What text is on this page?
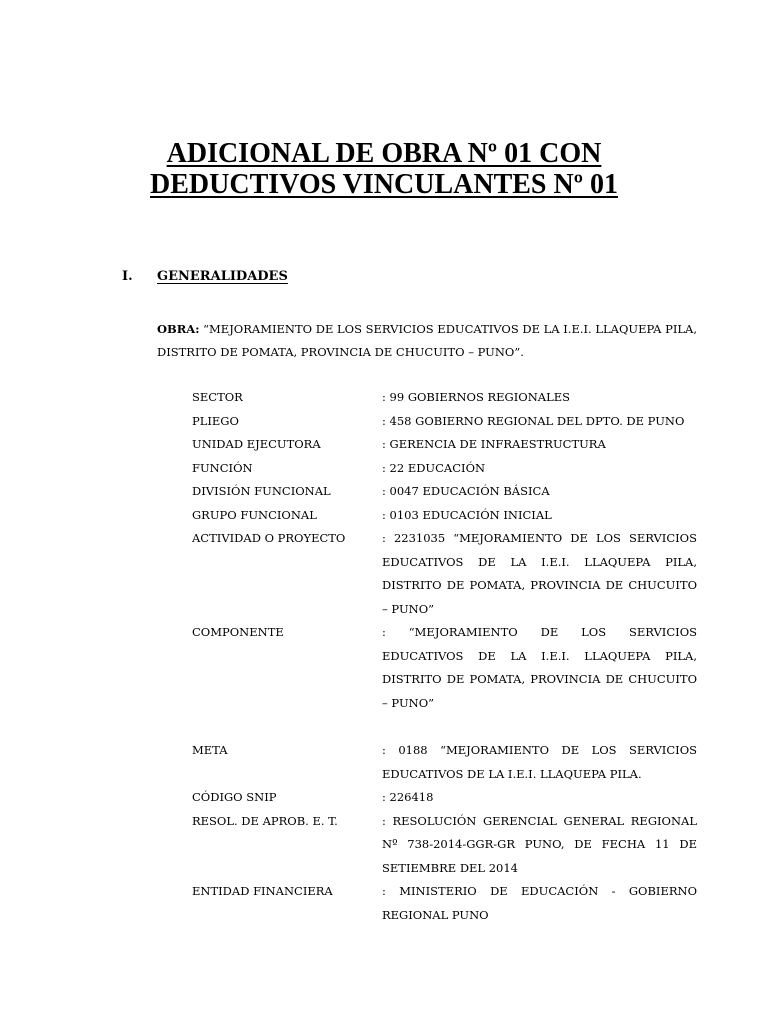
ADICIONAL DE OBRA Nº 01 CON
DEDUCTIVOS VINCULANTES Nº 01
I. GENERALIDADES
OBRA: “MEJORAMIENTO DE LOS SERVICIOS EDUCATIVOS DE LA I.E.I. LLAQUEPA PILA, DISTRITO DE POMATA, PROVINCIA DE CHUCUITO – PUNO”.
SECTOR	: 99 GOBIERNOS REGIONALES
PLIEGO	: 458 GOBIERNO REGIONAL DEL DPTO. DE PUNO
UNIDAD EJECUTORA	: GERENCIA DE INFRAESTRUCTURA
FUNCIÓN	: 22 EDUCACIÓN
DIVISIÓN FUNCIONAL	: 0047 EDUCACIÓN BÁSICA
GRUPO FUNCIONAL	: 0103 EDUCACIÓN INICIAL
ACTIVIDAD O PROYECTO	: 2231035 “MEJORAMIENTO DE LOS SERVICIOS EDUCATIVOS DE LA I.E.I. LLAQUEPA PILA, DISTRITO DE POMATA, PROVINCIA DE CHUCUITO – PUNO”
COMPONENTE	: “MEJORAMIENTO DE LOS SERVICIOS EDUCATIVOS DE LA I.E.I. LLAQUEPA PILA, DISTRITO DE POMATA, PROVINCIA DE CHUCUITO – PUNO”
META	: 0188 “MEJORAMIENTO DE LOS SERVICIOS EDUCATIVOS DE LA I.E.I. LLAQUEPA PILA.
CÓDIGO SNIP	: 226418
RESOL. DE APROB. E. T.	: RESOLUCIÓN GERENCIAL GENERAL REGIONAL Nº 738-2014-GGR-GR PUNO, DE FECHA 11 DE SETIEMBRE DEL 2014
ENTIDAD FINANCIERA	: MINISTERIO DE EDUCACIÓN - GOBIERNO REGIONAL PUNO
